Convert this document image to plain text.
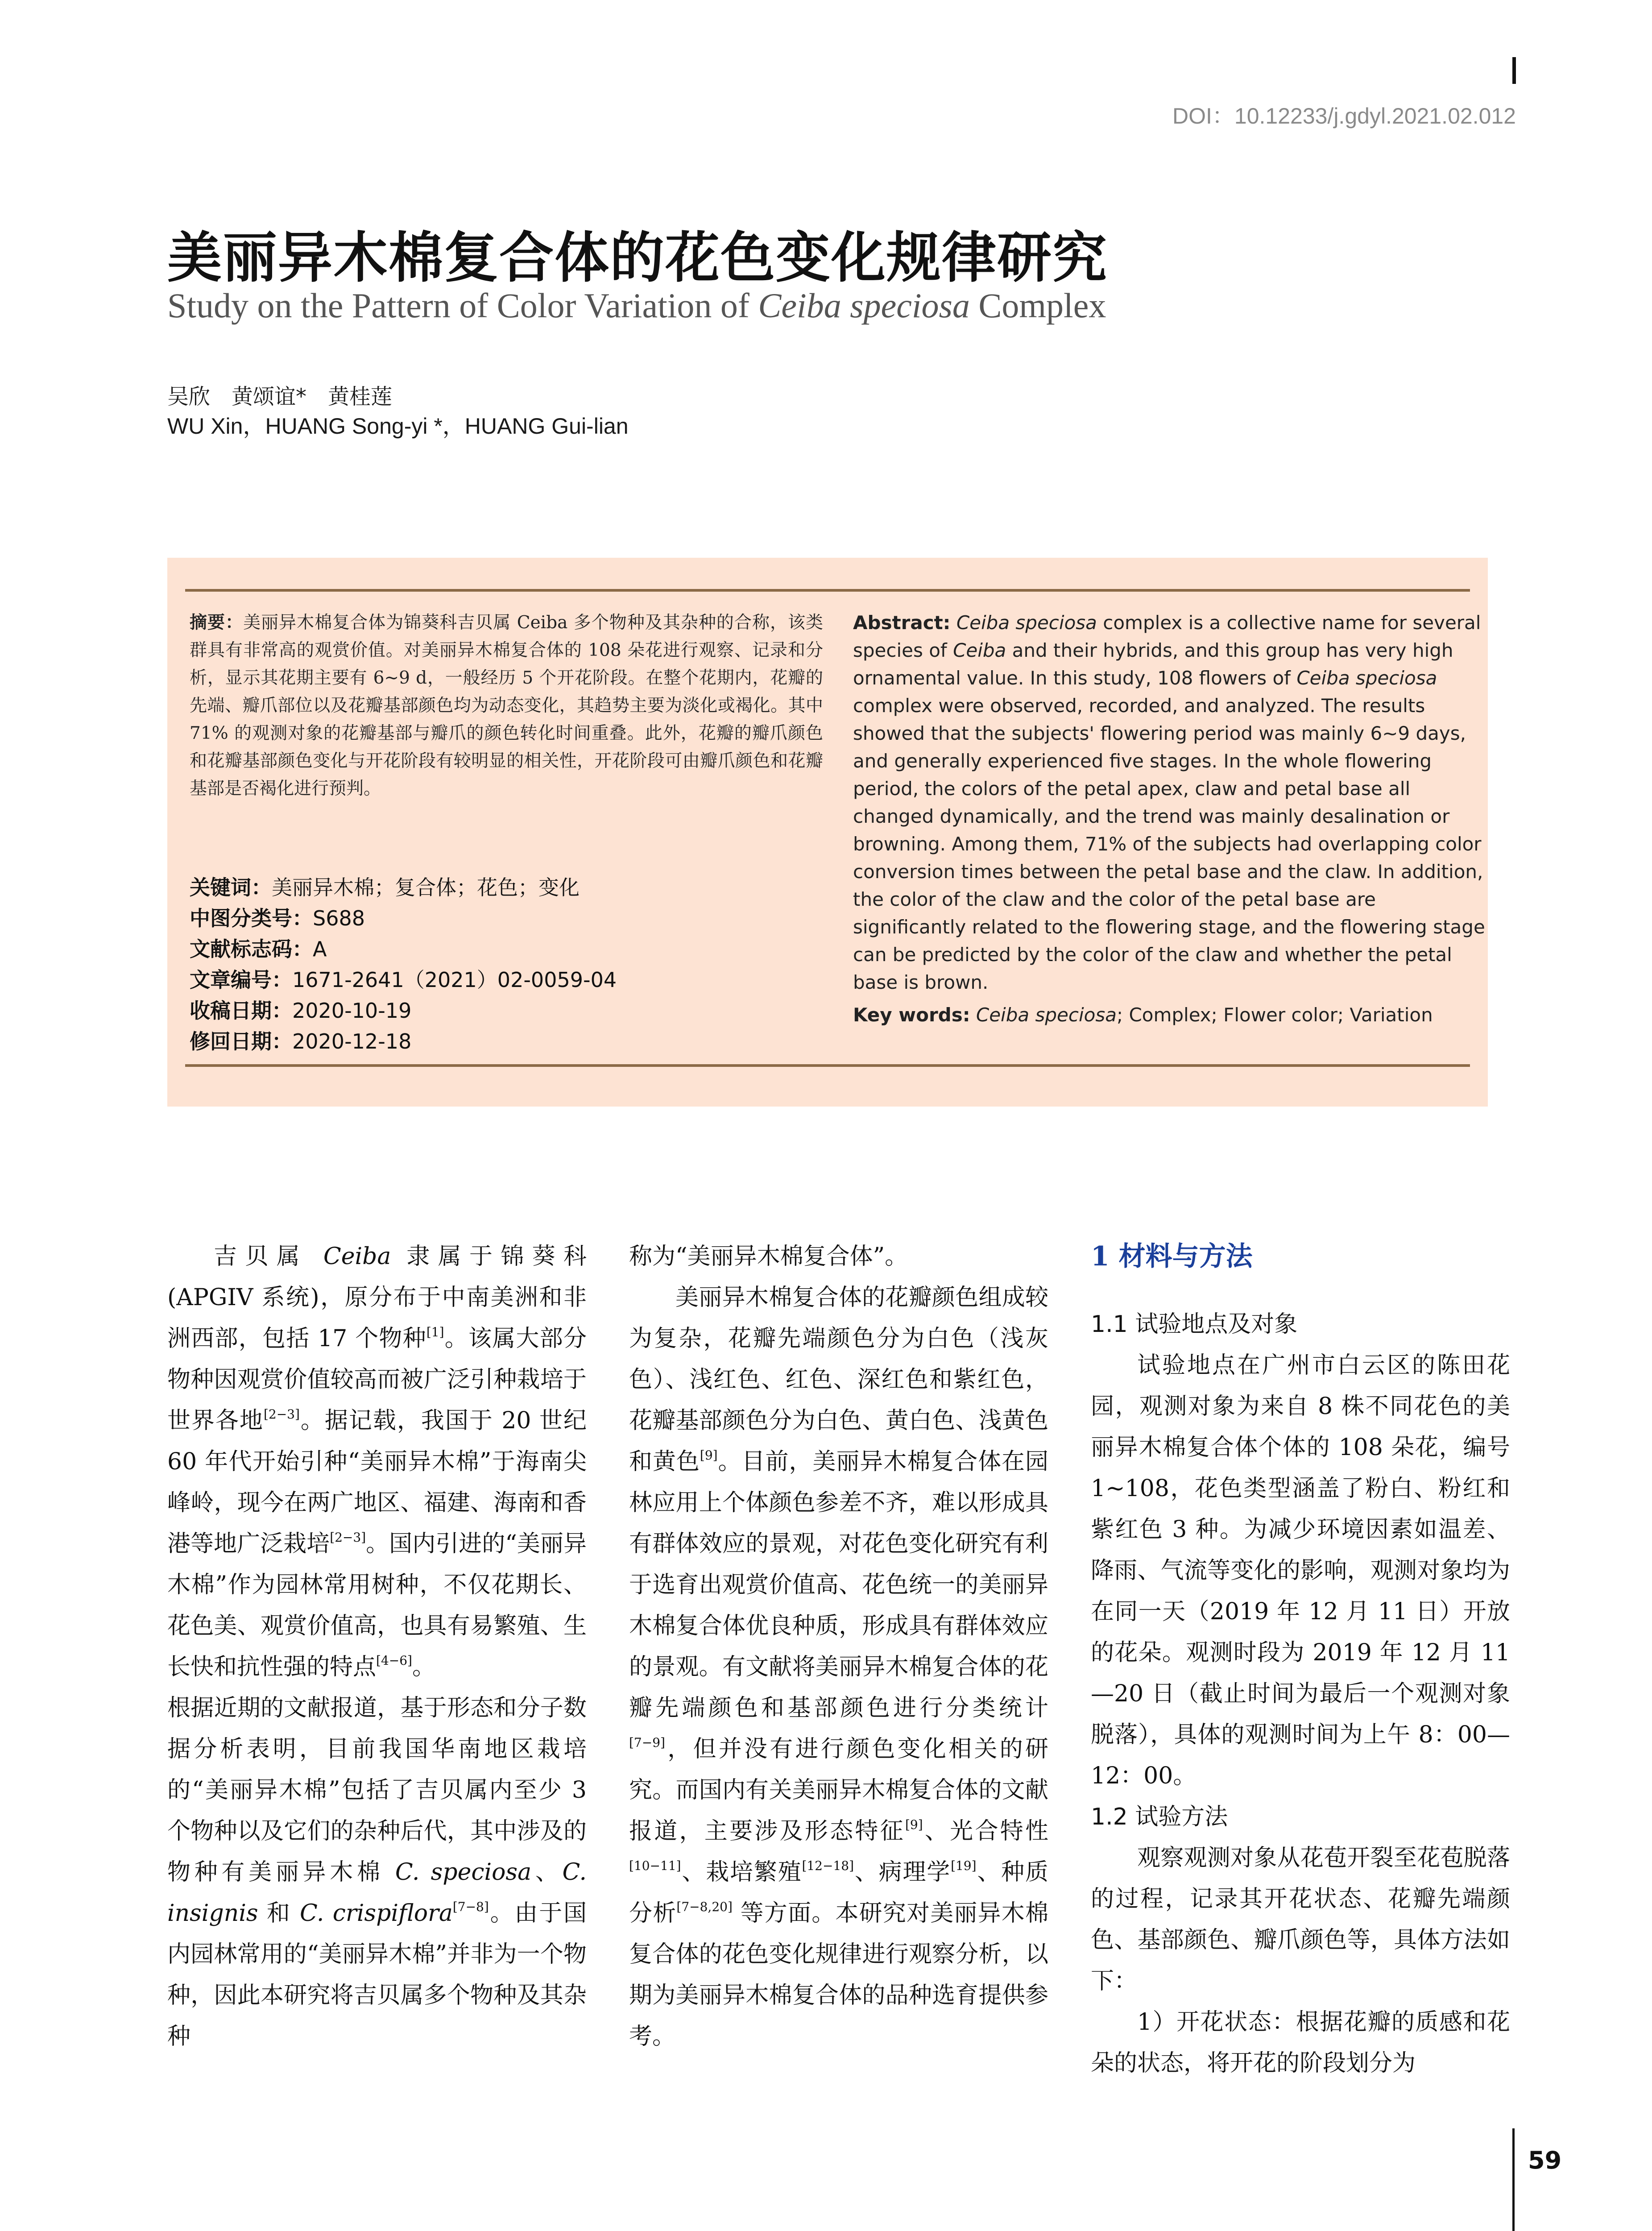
DOI：10.12233/j.gdyl.2021.02.012
美丽异木棉复合体的花色变化规律研究
Study on the Pattern of Color Variation of Ceiba speciosa Complex
吴欣　黄颂谊*　黄桂莲
WU Xin，HUANG Song-yi *，HUANG Gui-lian
摘要：美丽异木棉复合体为锦葵科吉贝属 Ceiba 多个物种及其杂种的合称，该类群具有非常高的观赏价值。对美丽异木棉复合体的 108 朵花进行观察、记录和分析，显示其花期主要有 6~9 d，一般经历 5 个开花阶段。在整个花期内，花瓣的先端、瓣爪部位以及花瓣基部颜色均为动态变化，其趋势主要为淡化或褐化。其中 71% 的观测对象的花瓣基部与瓣爪的颜色转化时间重叠。此外，花瓣的瓣爪颜色和花瓣基部颜色变化与开花阶段有较明显的相关性，开花阶段可由瓣爪颜色和花瓣基部是否褐化进行预判。
关键词：美丽异木棉；复合体；花色；变化
中图分类号：S688
文献标志码：A
文章编号：1671-2641（2021）02-0059-04
收稿日期：2020-10-19
修回日期：2020-12-18
Abstract: Ceiba speciosa complex is a collective name for several species of Ceiba and their hybrids, and this group has very high ornamental value. In this study, 108 flowers of Ceiba speciosa complex were observed, recorded, and analyzed. The results showed that the subjects' flowering period was mainly 6~9 days, and generally experienced five stages. In the whole flowering period, the colors of the petal apex, claw and petal base all changed dynamically, and the trend was mainly desalination or browning. Among them, 71% of the subjects had overlapping color conversion times between the petal base and the claw. In addition, the color of the claw and the color of the petal base are significantly related to the flowering stage, and the flowering stage can be predicted by the color of the claw and whether the petal base is brown.
Key words: Ceiba speciosa; Complex; Flower color; Variation

吉贝属 Ceiba 隶属于锦葵科 (APGIV 系统)，原分布于中南美洲和非洲西部，包括 17 个物种[1]。该属大部分物种因观赏价值较高而被广泛引种栽培于世界各地[2−3]。据记载，我国于 20 世纪 60 年代开始引种“美丽异木棉”于海南尖峰岭，现今在两广地区、福建、海南和香港等地广泛栽培[2−3]。国内引进的“美丽异木棉”作为园林常用树种，不仅花期长、花色美、观赏价值高，也具有易繁殖、生长快和抗性强的特点[4−6]。

根据近期的文献报道，基于形态和分子数据分析表明，目前我国华南地区栽培的“美丽异木棉”包括了吉贝属内至少 3 个物种以及它们的杂种后代，其中涉及的物种有美丽异木棉 C. speciosa、C. insignis 和 C. crispiflora[7−8]。由于国内园林常用的“美丽异木棉”并非为一个物种，因此本研究将吉贝属多个物种及其杂种

称为“美丽异木棉复合体”。

美丽异木棉复合体的花瓣颜色组成较为复杂，花瓣先端颜色分为白色（浅灰色）、浅红色、红色、深红色和紫红色，花瓣基部颜色分为白色、黄白色、浅黄色和黄色[9]。目前，美丽异木棉复合体在园林应用上个体颜色参差不齐，难以形成具有群体效应的景观，对花色变化研究有利于选育出观赏价值高、花色统一的美丽异木棉复合体优良种质，形成具有群体效应的景观。有文献将美丽异木棉复合体的花瓣先端颜色和基部颜色进行分类统计[7−9]，但并没有进行颜色变化相关的研究。而国内有关美丽异木棉复合体的文献报道，主要涉及形态特征[9]、光合特性[10−11]、栽培繁殖[12−18]、病理学[19]、种质分析[7−8,20] 等方面。本研究对美丽异木棉复合体的花色变化规律进行观察分析，以期为美丽异木棉复合体的品种选育提供参考。

1 材料与方法
1.1 试验地点及对象

试验地点在广州市白云区的陈田花园，观测对象为来自 8 株不同花色的美丽异木棉复合体个体的 108 朵花，编号 1~108，花色类型涵盖了粉白、粉红和紫红色 3 种。为减少环境因素如温差、降雨、气流等变化的影响，观测对象均为在同一天（2019 年 12 月 11 日）开放的花朵。观测时段为 2019 年 12 月 11—20 日（截止时间为最后一个观测对象脱落），具体的观测时间为上午 8：00—12：00。

1.2 试验方法

观察观测对象从花苞开裂至花苞脱落的过程，记录其开花状态、花瓣先端颜色、基部颜色、瓣爪颜色等，具体方法如下：

1）开花状态：根据花瓣的质感和花朵的状态，将开花的阶段划分为

59
